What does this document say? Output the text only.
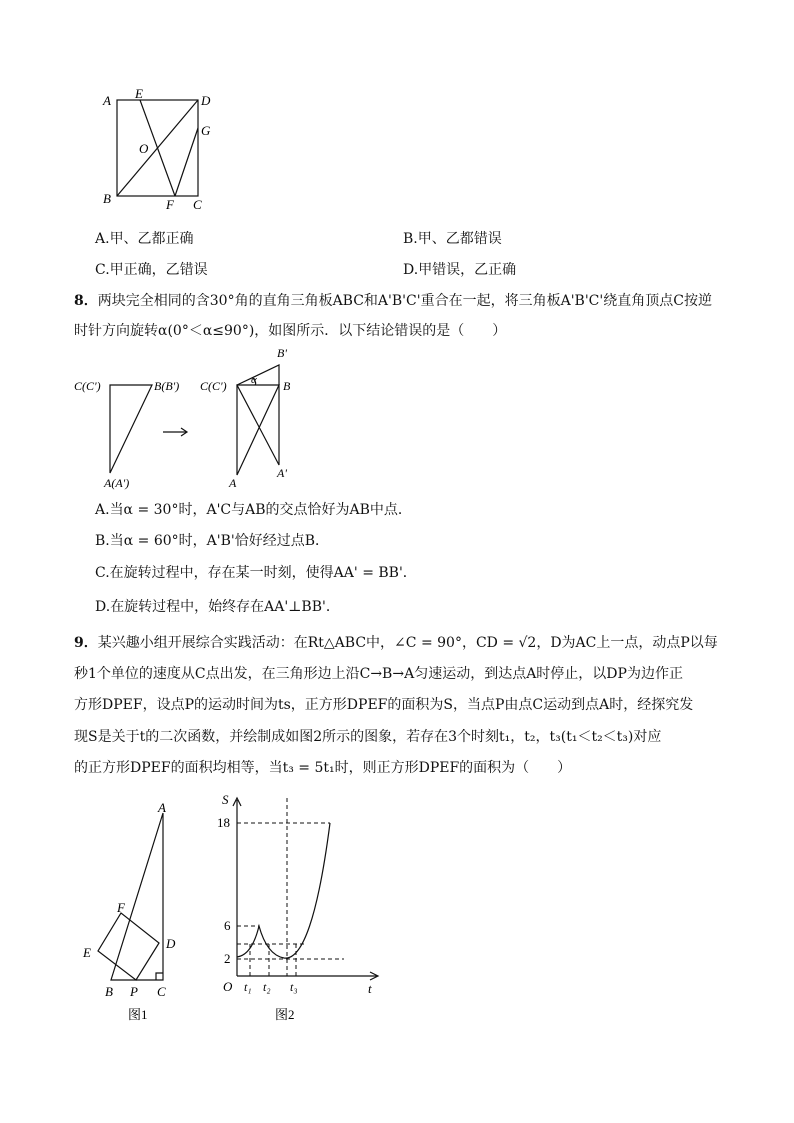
A E	D
G
O
B	F C
A.甲、乙都正确	B.甲、乙都错误
C.甲正确，乙错误	D.甲错误，乙正确
8．两块完全相同的含30°角的直角三角板ABC和A'B'C'重合在一起，将三角板A'B'C'绕直角顶点C按逆
时针方向旋转α(0°＜α≤90°)，如图所示．以下结论错误的是（　　）
C(C')	B(B')
A(A')
B'
α
C(C')	B
A'
A
A.当α = 30°时，A'C与AB的交点恰好为AB中点．
B.当α = 60°时，A'B'恰好经过点B．
C.在旋转过程中，存在某一时刻，使得AA' = BB'．
D.在旋转过程中，始终存在AA'⊥BB'．
9．某兴趣小组开展综合实践活动：在Rt△ABC中，∠C = 90°，CD = √2，D为AC上一点，动点P以每
秒1个单位的速度从C点出发，在三角形边上沿C→B→A匀速运动，到达点A时停止，以DP为边作正
方形DPEF，设点P的运动时间为ts，正方形DPEF的面积为S，当点P由点C运动到点A时，经探究发
现S是关于t的二次函数，并绘制成如图2所示的图象，若存在3个时刻t₁，t₂，t₃(t₁＜t₂＜t₃)对应
的正方形DPEF的面积均相等，当t₃ = 5t₁时，则正方形DPEF的面积为（　　）
A
F
E
D
B P C
图1
S
18
6
2
O t₁ t₂ t₃	t
图2
